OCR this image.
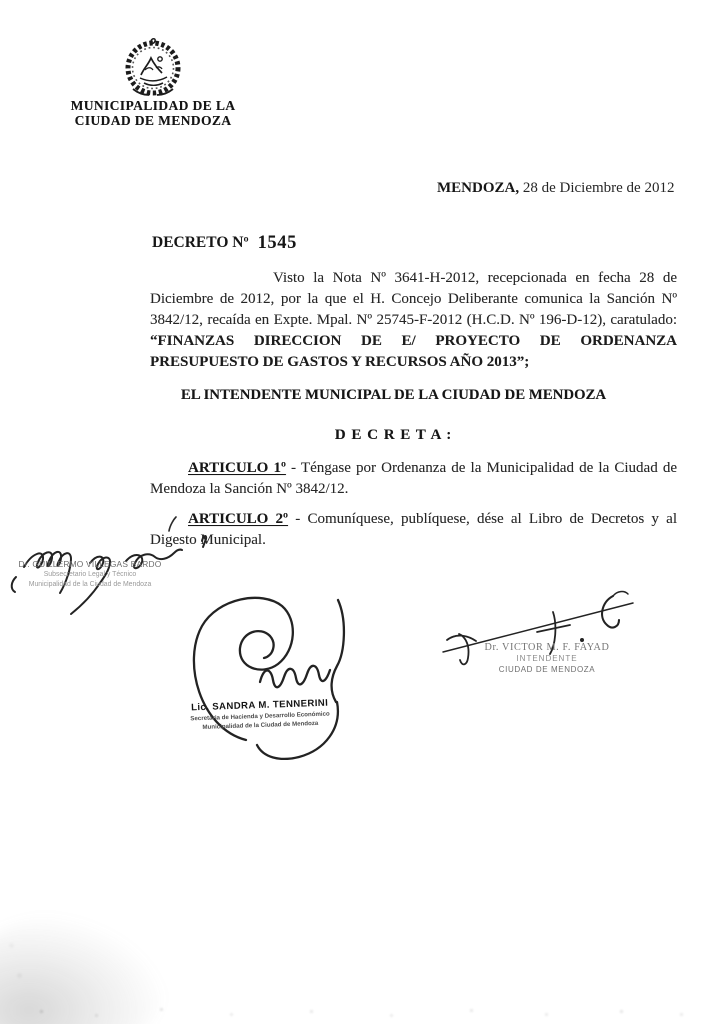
MUNICIPALIDAD DE LA
CIUDAD DE MENDOZA
MENDOZA, 28 de Diciembre de 2012
DECRETO Nº 1545
Visto la Nota Nº 3641-H-2012, recepcionada en fecha 28 de Diciembre de 2012, por la que el H. Concejo Deliberante comunica la Sanción Nº 3842/12, recaída en Expte. Mpal. Nº 25745-F-2012 (H.C.D. Nº 196-D-12), caratulado: “FINANZAS DIRECCION DE E/ PROYECTO DE ORDENANZA PRESUPUESTO DE GASTOS Y RECURSOS AÑO 2013”;
EL INTENDENTE MUNICIPAL DE LA CIUDAD DE MENDOZA
D E C R E T A :
ARTICULO 1º - Téngase por Ordenanza de la Municipalidad de la Ciudad de Mendoza la Sanción Nº 3842/12.
ARTICULO 2º - Comuníquese, publíquese, dése al Libro de Decretos y al Digesto Municipal.
Dr. GUILLERMO VILLEGAS BARDO
Subsecretario Legal y Técnico
Municipalidad de la Ciudad de Mendoza
Lic. SANDRA M. TENNERINI
Secretaria de Hacienda y Desarrollo Económico
Municipalidad de la Ciudad de Mendoza
Dr. VICTOR M. F. FAYAD
INTENDENTE
CIUDAD DE MENDOZA
